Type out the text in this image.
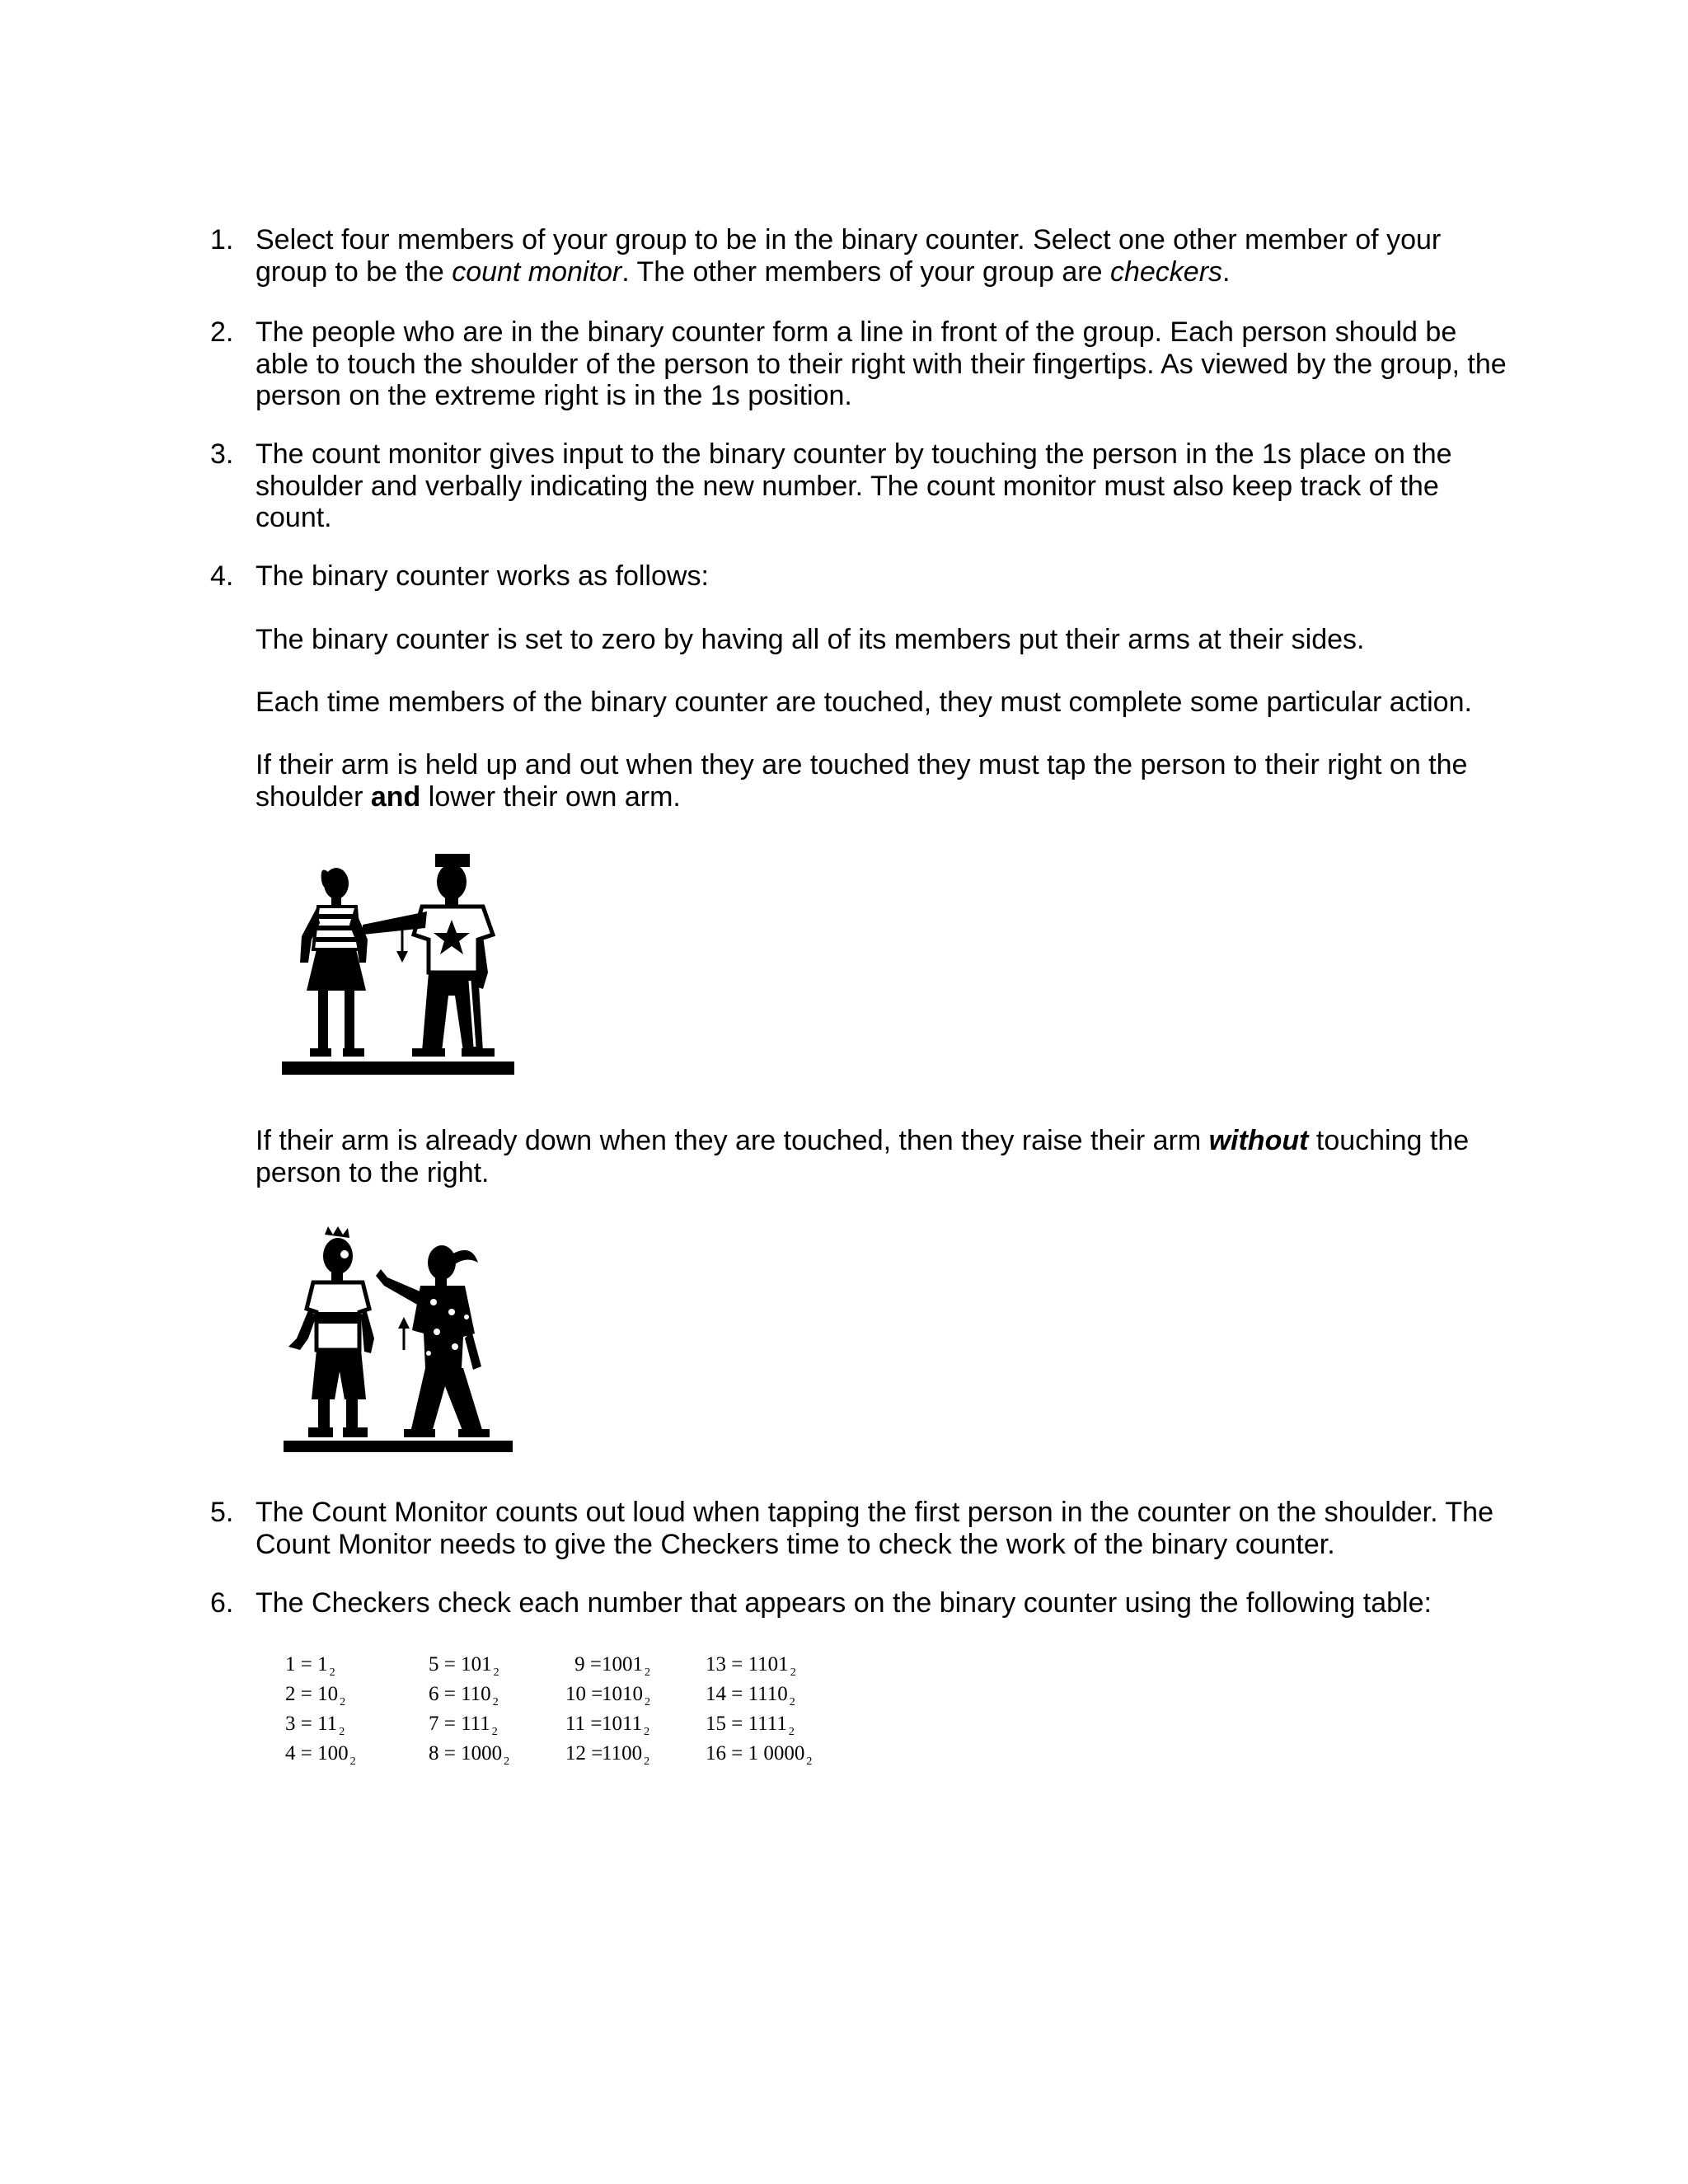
1. Select four members of your group to be in the binary counter. Select one other member of your group to be the count monitor. The other members of your group are checkers.

2. The people who are in the binary counter form a line in front of the group. Each person should be able to touch the shoulder of the person to their right with their fingertips. As viewed by the group, the person on the extreme right is in the 1s position.

3. The count monitor gives input to the binary counter by touching the person in the 1s place on the shoulder and verbally indicating the new number. The count monitor must also keep track of the count.

4. The binary counter works as follows:

The binary counter is set to zero by having all of its members put their arms at their sides.

Each time members of the binary counter are touched, they must complete some particular action.

If their arm is held up and out when they are touched they must tap the person to their right on the shoulder and lower their own arm.

If their arm is already down when they are touched, then they raise their arm without touching the person to the right.

5. The Count Monitor counts out loud when tapping the first person in the counter on the shoulder. The Count Monitor needs to give the Checkers time to check the work of the binary counter.

6. The Checkers check each number that appears on the binary counter using the following table:

1 = 1 $_2$
2 = 10 $_2$
3 = 11 $_2$
4 = 100 $_2$
5 = 101 $_2$
6 = 110 $_2$
7 = 111 $_2$
8 = 1000 $_2$
9 =1001 $_2$
10 =1010 $_2$
11 =1011 $_2$
12 =1100 $_2$
13 = 1101 $_2$
14 = 1110 $_2$
15 = 1111 $_2$
16 = 1 0000 $_2$
